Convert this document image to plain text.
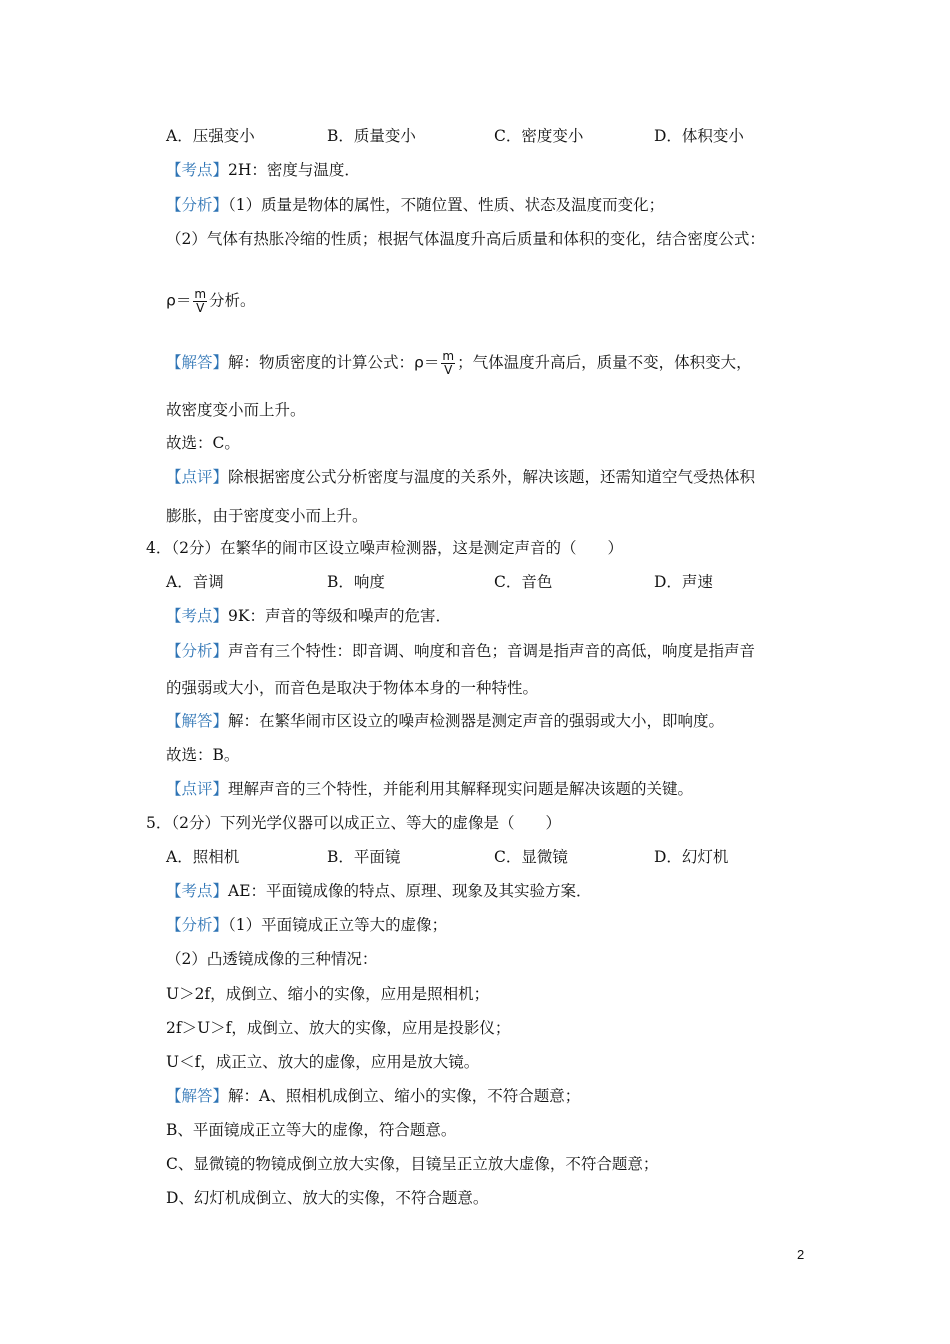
A．压强变小	B．质量变小	C．密度变小	D．体积变小
【考点】2H：密度与温度．
【分析】（1）质量是物体的属性，不随位置、性质、状态及温度而变化；
（2）气体有热胀冷缩的性质；根据气体温度升高后质量和体积的变化，结合密度公式：
$\rho= \frac{m}{V}$ 分析。
【解答】解：物质密度的计算公式：$\rho= \frac{m}{V}$ ；气体温度升高后，质量不变，体积变大，
故密度变小而上升。
故选：C。
【点评】除根据密度公式分析密度与温度的关系外，解决该题，还需知道空气受热体积
膨胀，由于密度变小而上升。
4．（2分）在繁华的闹市区设立噪声检测器，这是测定声音的（　　）
A．音调	B．响度	C．音色	D．声速
【考点】9K：声音的等级和噪声的危害．
【分析】声音有三个特性：即音调、响度和音色；音调是指声音的高低，响度是指声音
的强弱或大小，而音色是取决于物体本身的一种特性。
【解答】解：在繁华闹市区设立的噪声检测器是测定声音的强弱或大小，即响度。
故选：B。
【点评】理解声音的三个特性，并能利用其解释现实问题是解决该题的关键。
5．（2分）下列光学仪器可以成正立、等大的虚像是（　　）
A．照相机	B．平面镜	C．显微镜	D．幻灯机
【考点】AE：平面镜成像的特点、原理、现象及其实验方案．
【分析】（1）平面镜成正立等大的虚像；
（2）凸透镜成像的三种情况：
U＞2f，成倒立、缩小的实像，应用是照相机；
2f＞U＞f，成倒立、放大的实像，应用是投影仪；
U＜f，成正立、放大的虚像，应用是放大镜。
【解答】解：A、照相机成倒立、缩小的实像，不符合题意；
B、平面镜成正立等大的虚像，符合题意。
C、显微镜的物镜成倒立放大实像，目镜呈正立放大虚像，不符合题意；
D、幻灯机成倒立、放大的实像，不符合题意。
2
